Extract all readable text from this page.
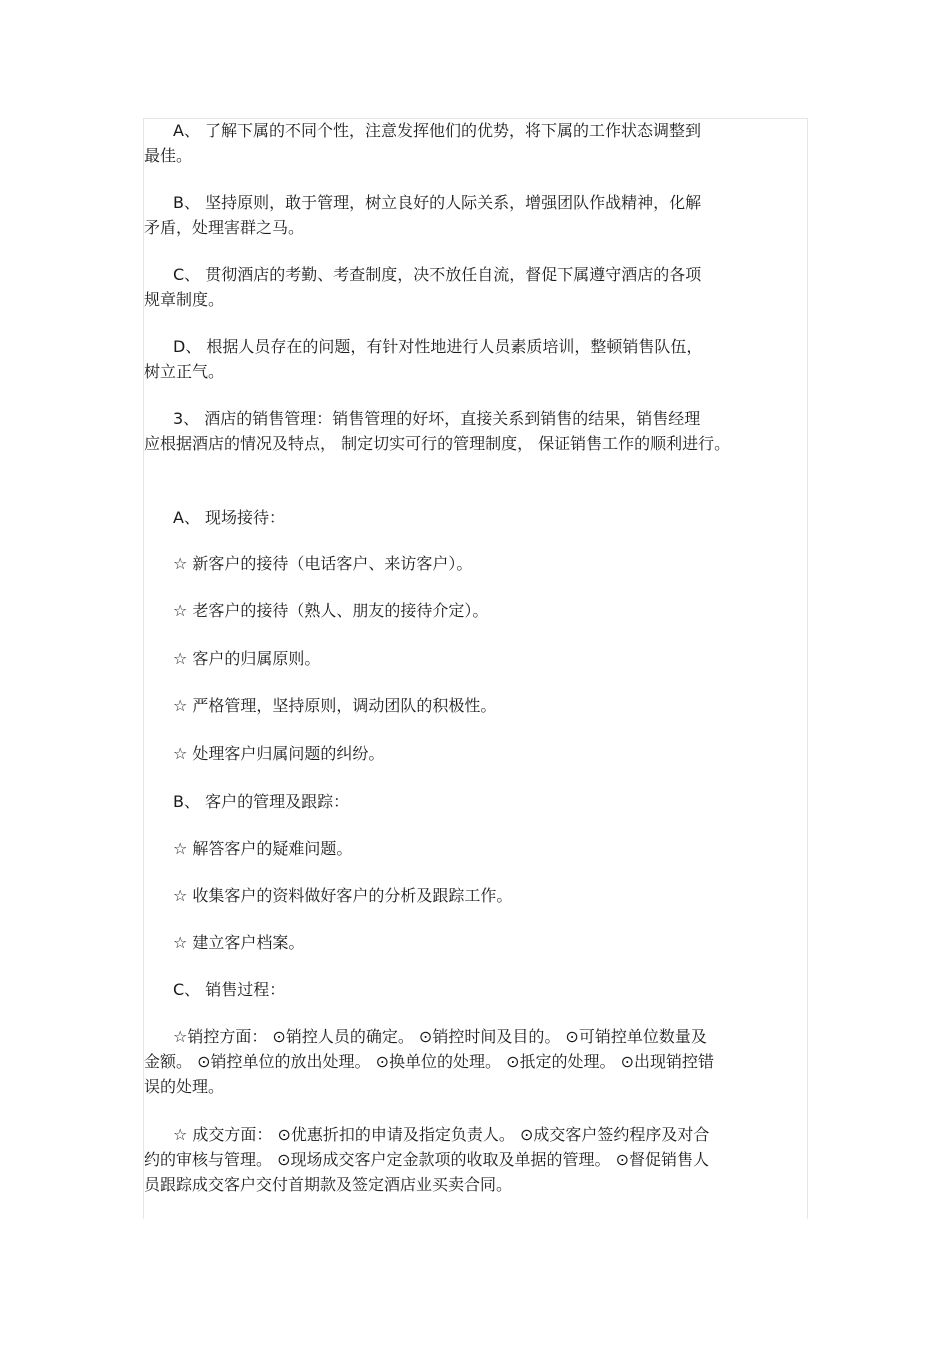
A、 了解下属的不同个性，注意发挥他们的优势，将下属的工作状态调整到
最佳。

B、 坚持原则，敢于管理，树立良好的人际关系，增强团队作战精神，化解
矛盾，处理害群之马。

C、 贯彻酒店的考勤、考查制度，决不放任自流，督促下属遵守酒店的各项
规章制度。

D、 根据人员存在的问题，有针对性地进行人员素质培训，整顿销售队伍，
树立正气。

3、 酒店的销售管理：销售管理的好坏，直接关系到销售的结果，销售经理
应根据酒店的情况及特点， 制定切实可行的管理制度， 保证销售工作的顺利进行。

A、 现场接待：

☆ 新客户的接待（电话客户、来访客户）。

☆ 老客户的接待（熟人、朋友的接待介定）。

☆ 客户的归属原则。

☆ 严格管理，坚持原则，调动团队的积极性。

☆ 处理客户归属问题的纠纷。

B、 客户的管理及跟踪：

☆ 解答客户的疑难问题。

☆ 收集客户的资料做好客户的分析及跟踪工作。

☆ 建立客户档案。

C、 销售过程：

☆销控方面： ⊙销控人员的确定。 ⊙销控时间及目的。 ⊙可销控单位数量及
金额。 ⊙销控单位的放出处理。 ⊙换单位的处理。 ⊙扺定的处理。 ⊙出现销控错
误的处理。

☆ 成交方面： ⊙优惠折扣的申请及指定负责人。 ⊙成交客户签约程序及对合
约的审核与管理。 ⊙现场成交客户定金款项的收取及单据的管理。 ⊙督促销售人
员跟踪成交客户交付首期款及签定酒店业买卖合同。
